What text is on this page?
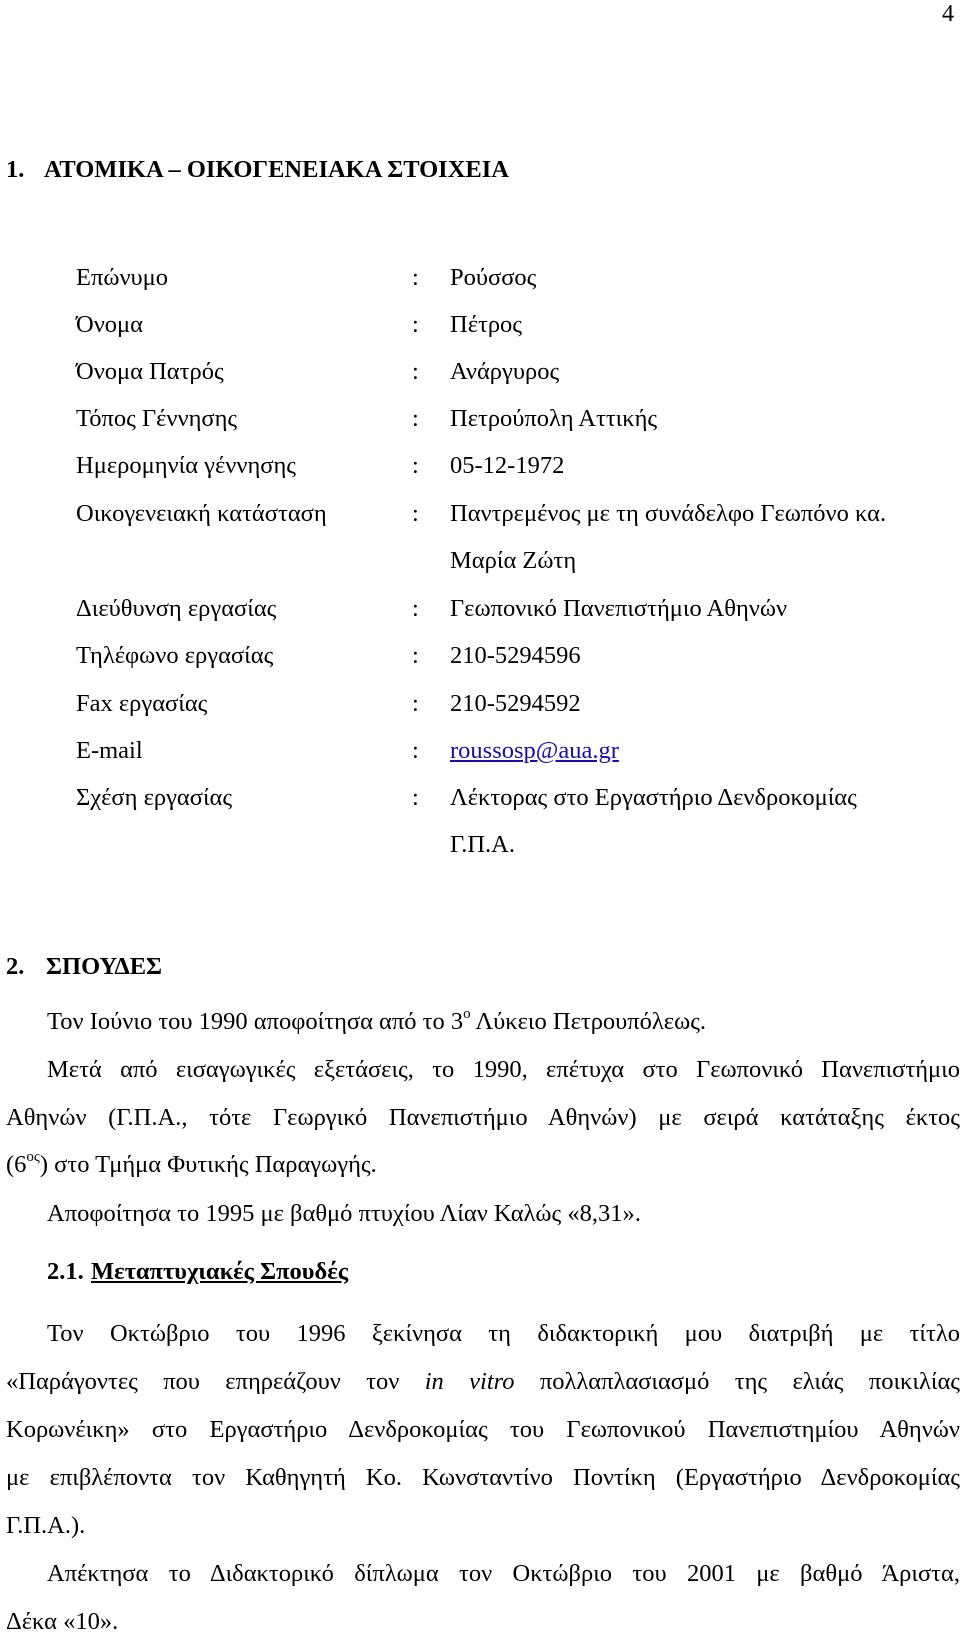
4
1. ΑΤΟΜΙΚΑ – ΟΙΚΟΓΕΝΕΙΑΚΑ ΣΤΟΙΧΕΙΑ
Επώνυμο	: Ρούσσος
Όνομα	: Πέτρος
Όνομα Πατρός	: Ανάργυρος
Τόπος Γέννησης	: Πετρούπολη Αττικής
Ημερομηνία γέννησης	: 05-12-1972
Οικογενειακή κατάσταση	: Παντρεμένος με τη συνάδελφο Γεωπόνο κα.
Μαρία Ζώτη
Διεύθυνση εργασίας	: Γεωπονικό Πανεπιστήμιο Αθηνών
Τηλέφωνο εργασίας	: 210-5294596
Fax εργασίας	: 210-5294592
E-mail	: roussosp@aua.gr
Σχέση εργασίας	: Λέκτορας στο Εργαστήριο Δενδροκομίας
Γ.Π.Α.
2. ΣΠΟΥΔΕΣ
Τον Ιούνιο του 1990 αποφοίτησα από το $3^o$ Λύκειο Πετρουπόλεως.
Μετά από εισαγωγικές εξετάσεις, το 1990, επέτυχα στο Γεωπονικό Πανεπιστήμιο
Αθηνών (Γ.Π.Α., τότε Γεωργικό Πανεπιστήμιο Αθηνών) με σειρά κατάταξης έκτος
$(6^{o\varsigma})$ στο Τμήμα Φυτικής Παραγωγής.
Αποφοίτησα το 1995 με βαθμό πτυχίου Λίαν Καλώς «8,31».
2.1. Μεταπτυχιακές Σπουδές
Τον Οκτώβριο του 1996 ξεκίνησα τη διδακτορική μου διατριβή με τίτλο
«Παράγοντες που επηρεάζουν τον in vitro πολλαπλασιασμό της ελιάς ποικιλίας
Κορωνέικη» στο Εργαστήριο Δενδροκομίας του Γεωπονικού Πανεπιστημίου Αθηνών
με επιβλέποντα τον Καθηγητή Κο. Κωνσταντίνο Ποντίκη (Εργαστήριο Δενδροκομίας
Γ.Π.Α.).
Απέκτησα το Διδακτορικό δίπλωμα τον Οκτώβριο του 2001 με βαθμό Άριστα,
Δέκα «10».
